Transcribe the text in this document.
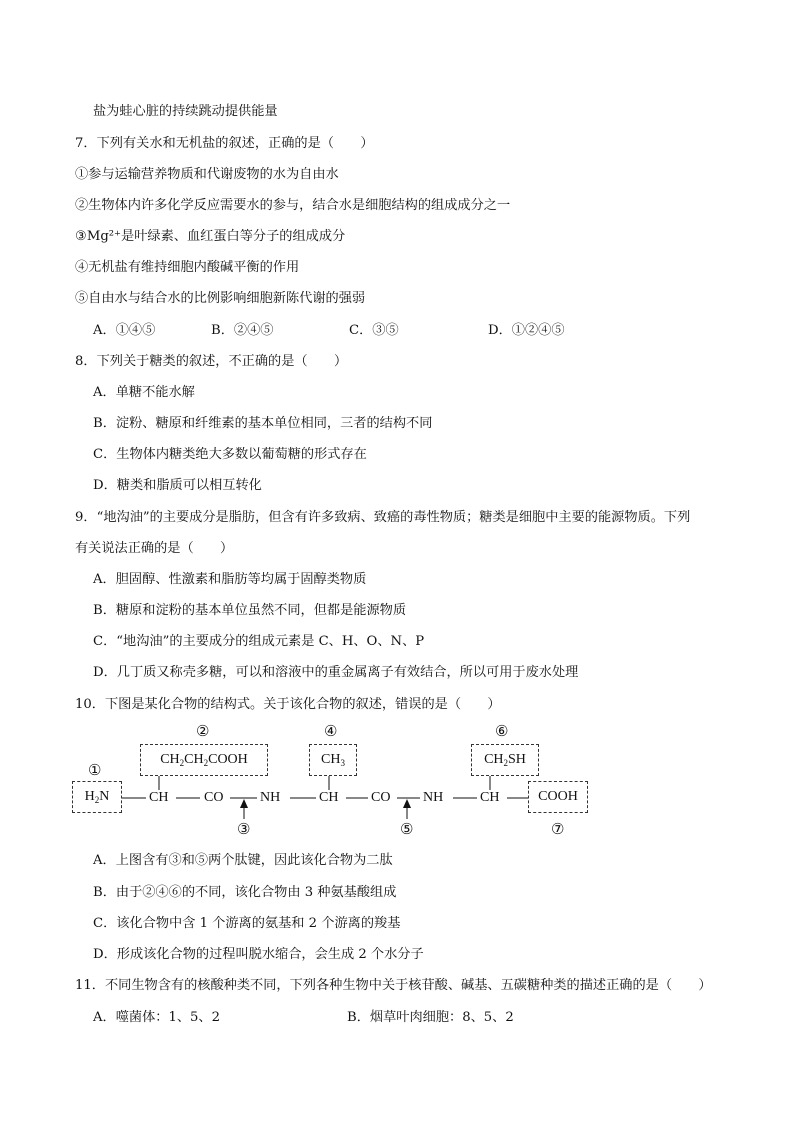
盐为蛙心脏的持续跳动提供能量
7．下列有关水和无机盐的叙述，正确的是（　　）
①参与运输营养物质和代谢废物的水为自由水
②生物体内许多化学反应需要水的参与，结合水是细胞结构的组成成分之一
③Mg²⁺是叶绿素、血红蛋白等分子的组成成分
④无机盐有维持细胞内酸碱平衡的作用
⑤自由水与结合水的比例影响细胞新陈代谢的强弱
A．①④⑤	B．②④⑤	C．③⑤	D．①②④⑤
8．下列关于糖类的叙述，不正确的是（　　）
A．单糖不能水解
B．淀粉、糖原和纤维素的基本单位相同，三者的结构不同
C．生物体内糖类绝大多数以葡萄糖的形式存在
D．糖类和脂质可以相互转化
9．“地沟油”的主要成分是脂肪，但含有许多致病、致癌的毒性物质；糖类是细胞中主要的能源物质。下列
有关说法正确的是（　　）
A．胆固醇、性激素和脂肪等均属于固醇类物质
B．糖原和淀粉的基本单位虽然不同，但都是能源物质
C．“地沟油”的主要成分的组成元素是 C、H、O、N、P
D．几丁质又称壳多糖，可以和溶液中的重金属离子有效结合，所以可用于废水处理
10．下图是某化合物的结构式。关于该化合物的叙述，错误的是（　　）
②	④	⑥
①
③	⑤	⑦
$CH_2CH_2COOH$	$CH_3$	$CH_2SH$
$H_2N$	COOH
CH	CO	NH	CH CO NH	CH
A．上图含有③和⑤两个肽键，因此该化合物为二肽
B．由于②④⑥的不同，该化合物由 3 种氨基酸组成
C．该化合物中含 1 个游离的氨基和 2 个游离的羧基
D．形成该化合物的过程叫脱水缩合，会生成 2 个水分子
11．不同生物含有的核酸种类不同，下列各种生物中关于核苷酸、碱基、五碳糖种类的描述正确的是（　　）
A．噬菌体：1、5、2	B．烟草叶肉细胞：8、5、2
